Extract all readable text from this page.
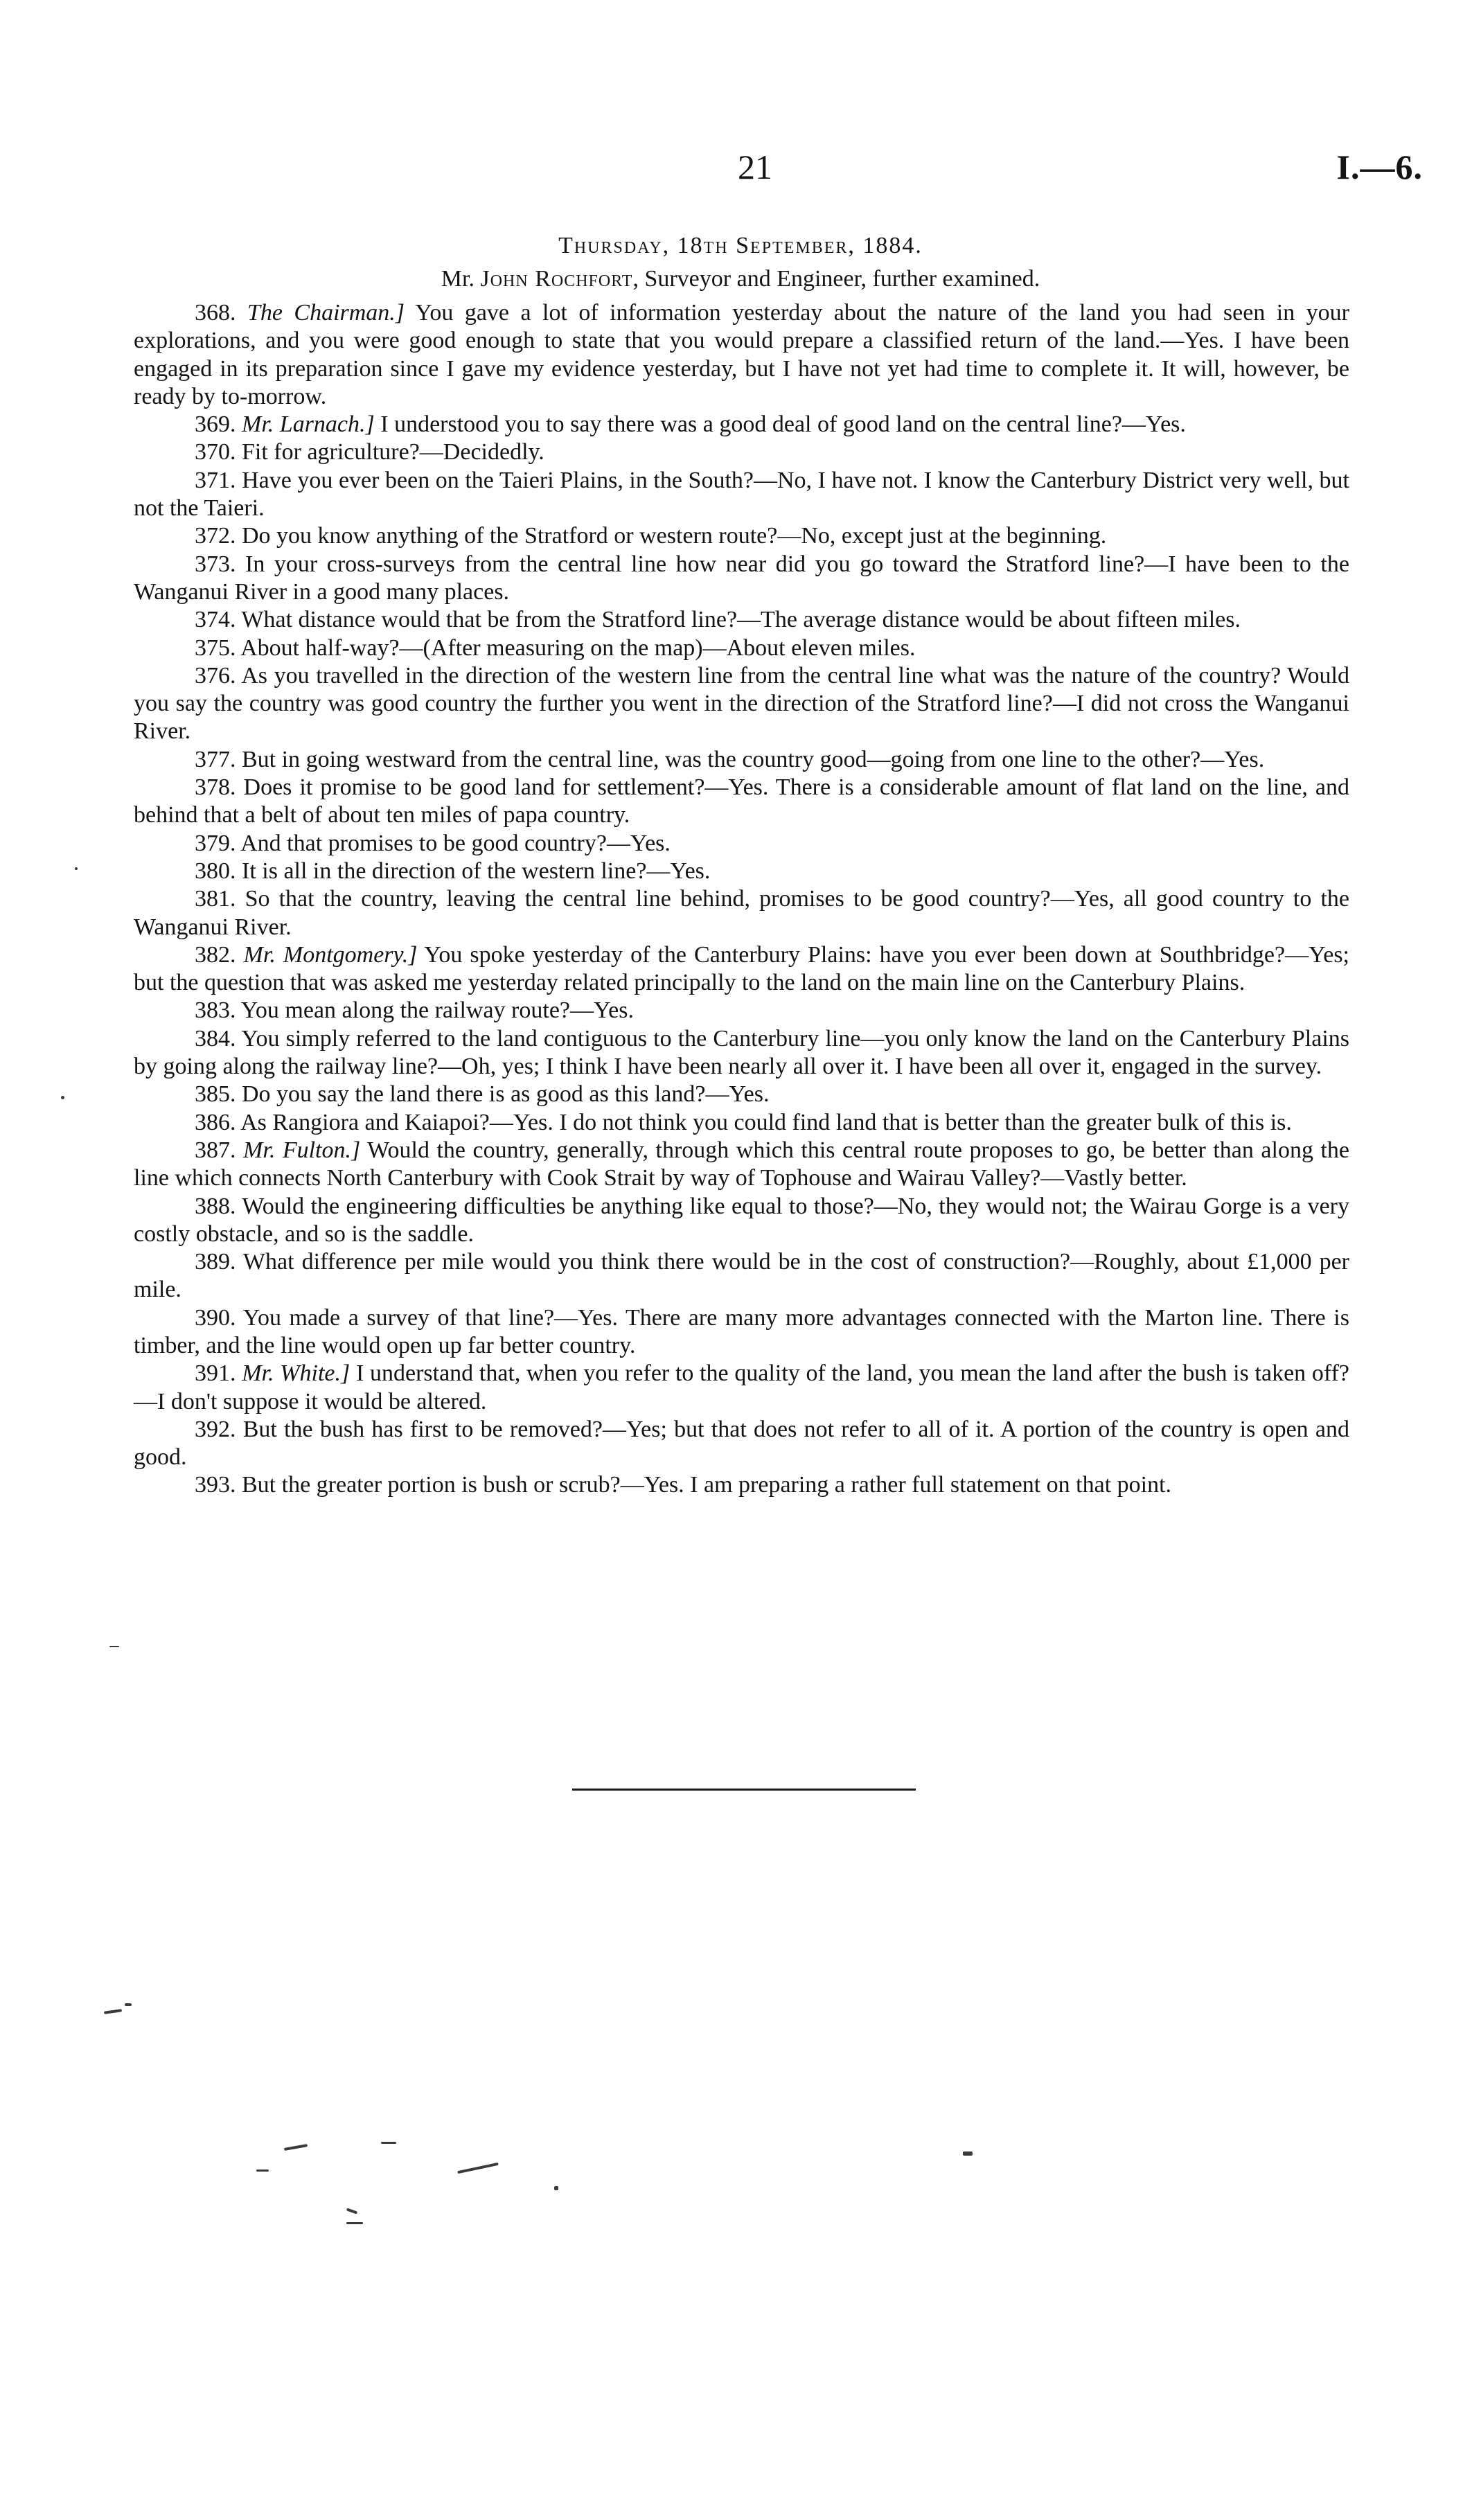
21	I.—6.
Thursday, 18th September, 1884.
Mr. John Rochfort, Surveyor and Engineer, further examined.

368. The Chairman.] You gave a lot of information yesterday about the nature of the land you had seen in your explorations, and you were good enough to state that you would prepare a classified return of the land.—Yes. I have been engaged in its preparation since I gave my evidence yesterday, but I have not yet had time to complete it. It will, however, be ready by to-morrow.

369. Mr. Larnach.] I understood you to say there was a good deal of good land on the central line?—Yes.

370. Fit for agriculture?—Decidedly.

371. Have you ever been on the Taieri Plains, in the South?—No, I have not. I know the Canterbury District very well, but not the Taieri.

372. Do you know anything of the Stratford or western route?—No, except just at the beginning.

373. In your cross-surveys from the central line how near did you go toward the Stratford line?—I have been to the Wanganui River in a good many places.

374. What distance would that be from the Stratford line?—The average distance would be about fifteen miles.

375. About half-way?—(After measuring on the map)—About eleven miles.

376. As you travelled in the direction of the western line from the central line what was the nature of the country? Would you say the country was good country the further you went in the direction of the Stratford line?—I did not cross the Wanganui River.

377. But in going westward from the central line, was the country good—going from one line to the other?—Yes.

378. Does it promise to be good land for settlement?—Yes. There is a considerable amount of flat land on the line, and behind that a belt of about ten miles of papa country.

379. And that promises to be good country?—Yes.

380. It is all in the direction of the western line?—Yes.

381. So that the country, leaving the central line behind, promises to be good country?—Yes, all good country to the Wanganui River.

382. Mr. Montgomery.] You spoke yesterday of the Canterbury Plains: have you ever been down at Southbridge?—Yes; but the question that was asked me yesterday related principally to the land on the main line on the Canterbury Plains.

383. You mean along the railway route?—Yes.

384. You simply referred to the land contiguous to the Canterbury line—you only know the land on the Canterbury Plains by going along the railway line?—Oh, yes; I think I have been nearly all over it. I have been all over it, engaged in the survey.

385. Do you say the land there is as good as this land?—Yes.

386. As Rangiora and Kaiapoi?—Yes. I do not think you could find land that is better than the greater bulk of this is.

387. Mr. Fulton.] Would the country, generally, through which this central route proposes to go, be better than along the line which connects North Canterbury with Cook Strait by way of Tophouse and Wairau Valley?—Vastly better.

388. Would the engineering difficulties be anything like equal to those?—No, they would not; the Wairau Gorge is a very costly obstacle, and so is the saddle.

389. What difference per mile would you think there would be in the cost of construction?—Roughly, about £1,000 per mile.

390. You made a survey of that line?—Yes. There are many more advantages connected with the Marton line. There is timber, and the line would open up far better country.

391. Mr. White.] I understand that, when you refer to the quality of the land, you mean the land after the bush is taken off?—I don't suppose it would be altered.

392. But the bush has first to be removed?—Yes; but that does not refer to all of it. A portion of the country is open and good.

393. But the greater portion is bush or scrub?—Yes. I am preparing a rather full statement on that point.
